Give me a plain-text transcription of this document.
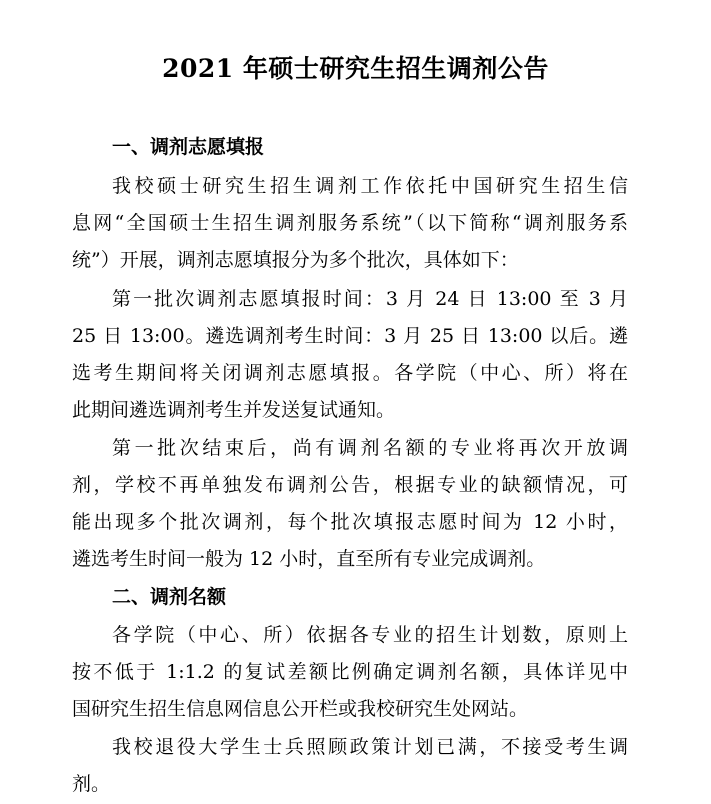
2021 年硕士研究生招生调剂公告
一、调剂志愿填报
我校硕士研究生招生调剂工作依托中国研究生招生信
息网“全国硕士生招生调剂服务系统”（以下简称“调剂服务系
统”）开展，调剂志愿填报分为多个批次，具体如下：
第一批次调剂志愿填报时间：3 月 24 日 13:00 至 3 月
25 日 13:00。遴选调剂考生时间：3 月 25 日 13:00 以后。遴
选考生期间将关闭调剂志愿填报。各学院（中心、所）将在
此期间遴选调剂考生并发送复试通知。
第一批次结束后，尚有调剂名额的专业将再次开放调
剂，学校不再单独发布调剂公告，根据专业的缺额情况，可
能出现多个批次调剂，每个批次填报志愿时间为 12 小时，
遴选考生时间一般为 12 小时，直至所有专业完成调剂。
二、调剂名额
各学院（中心、所）依据各专业的招生计划数，原则上
按不低于 1:1.2 的复试差额比例确定调剂名额，具体详见中
国研究生招生信息网信息公开栏或我校研究生处网站。
我校退役大学生士兵照顾政策计划已满，不接受考生调
剂。
